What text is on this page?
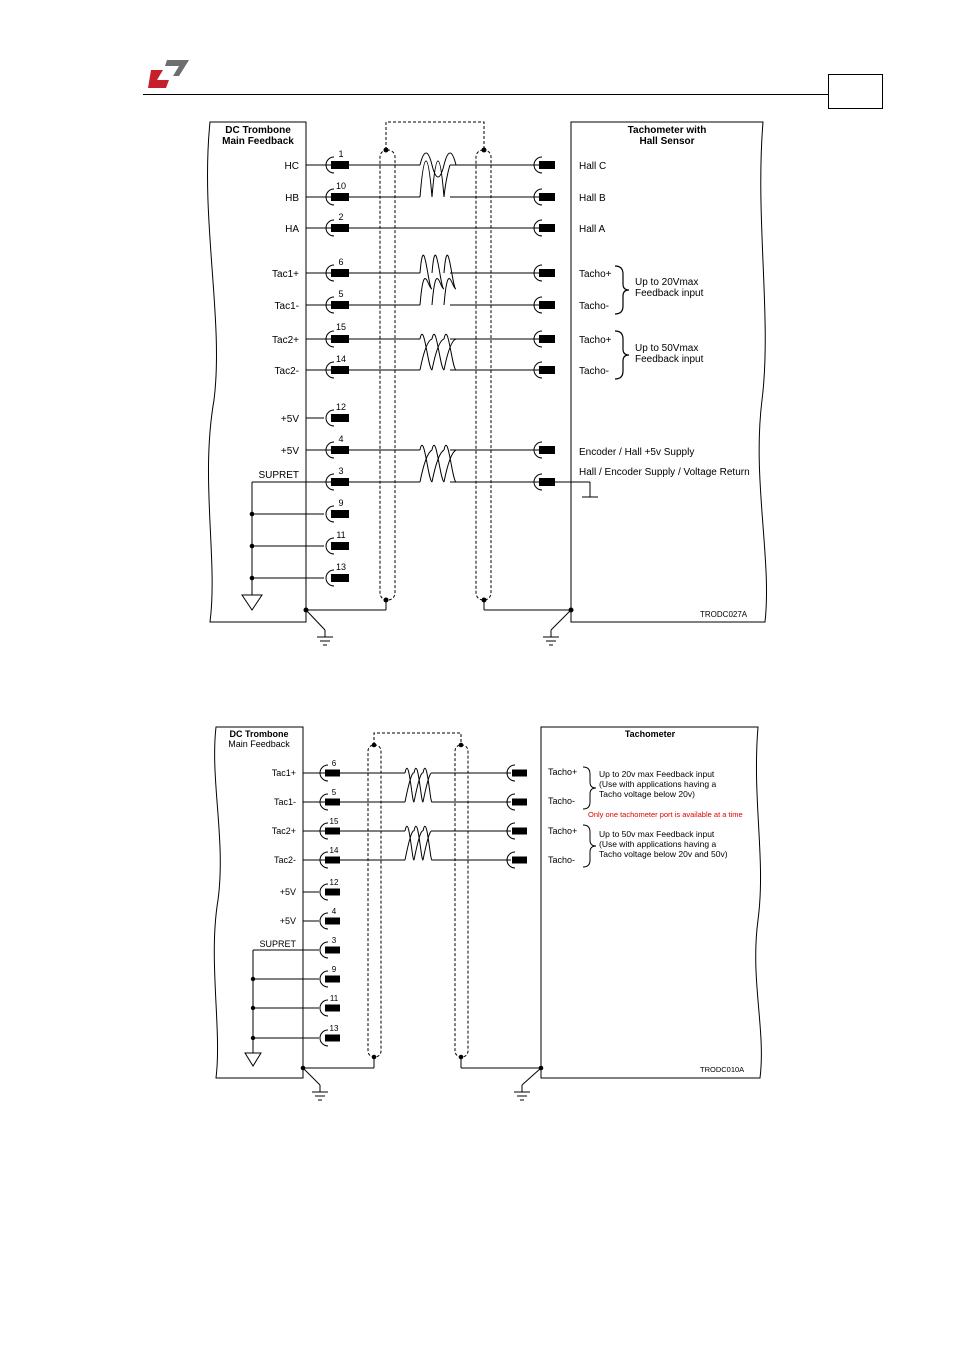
DC Trombone
Main Feedback
Tachometer with
Hall Sensor
HC
HB
HA
Tac1+
Tac1-
Tac2+
Tac2-
+5V
+5V
SUPRET
1
10
2
6
5
15
14
12
4
3
9
11
13
Hall C
Hall B
Hall A
Tacho+
Tacho-
Tacho+
Tacho-
Encoder / Hall +5v Supply
Hall / Encoder Supply / Voltage Return
Up to 20Vmax
Feedback input
Up to 50Vmax
Feedback input
TRODC027A
DC Trombone
Main Feedback
Tachometer
Tac1+
Tac1-
Tac2+
Tac2-
+5V
+5V
SUPRET
6
5
15
14
12
4
3
9
11
13
Tacho+
Tacho-
Tacho+
Tacho-
Up to 20v max Feedback input
(Use with applications having a
Tacho voltage below 20v)
Up to 50v max Feedback input
(Use with applications having a
Tacho voltage below 20v and 50v)
Only one tachometer port is available at a time
TRODC010A
